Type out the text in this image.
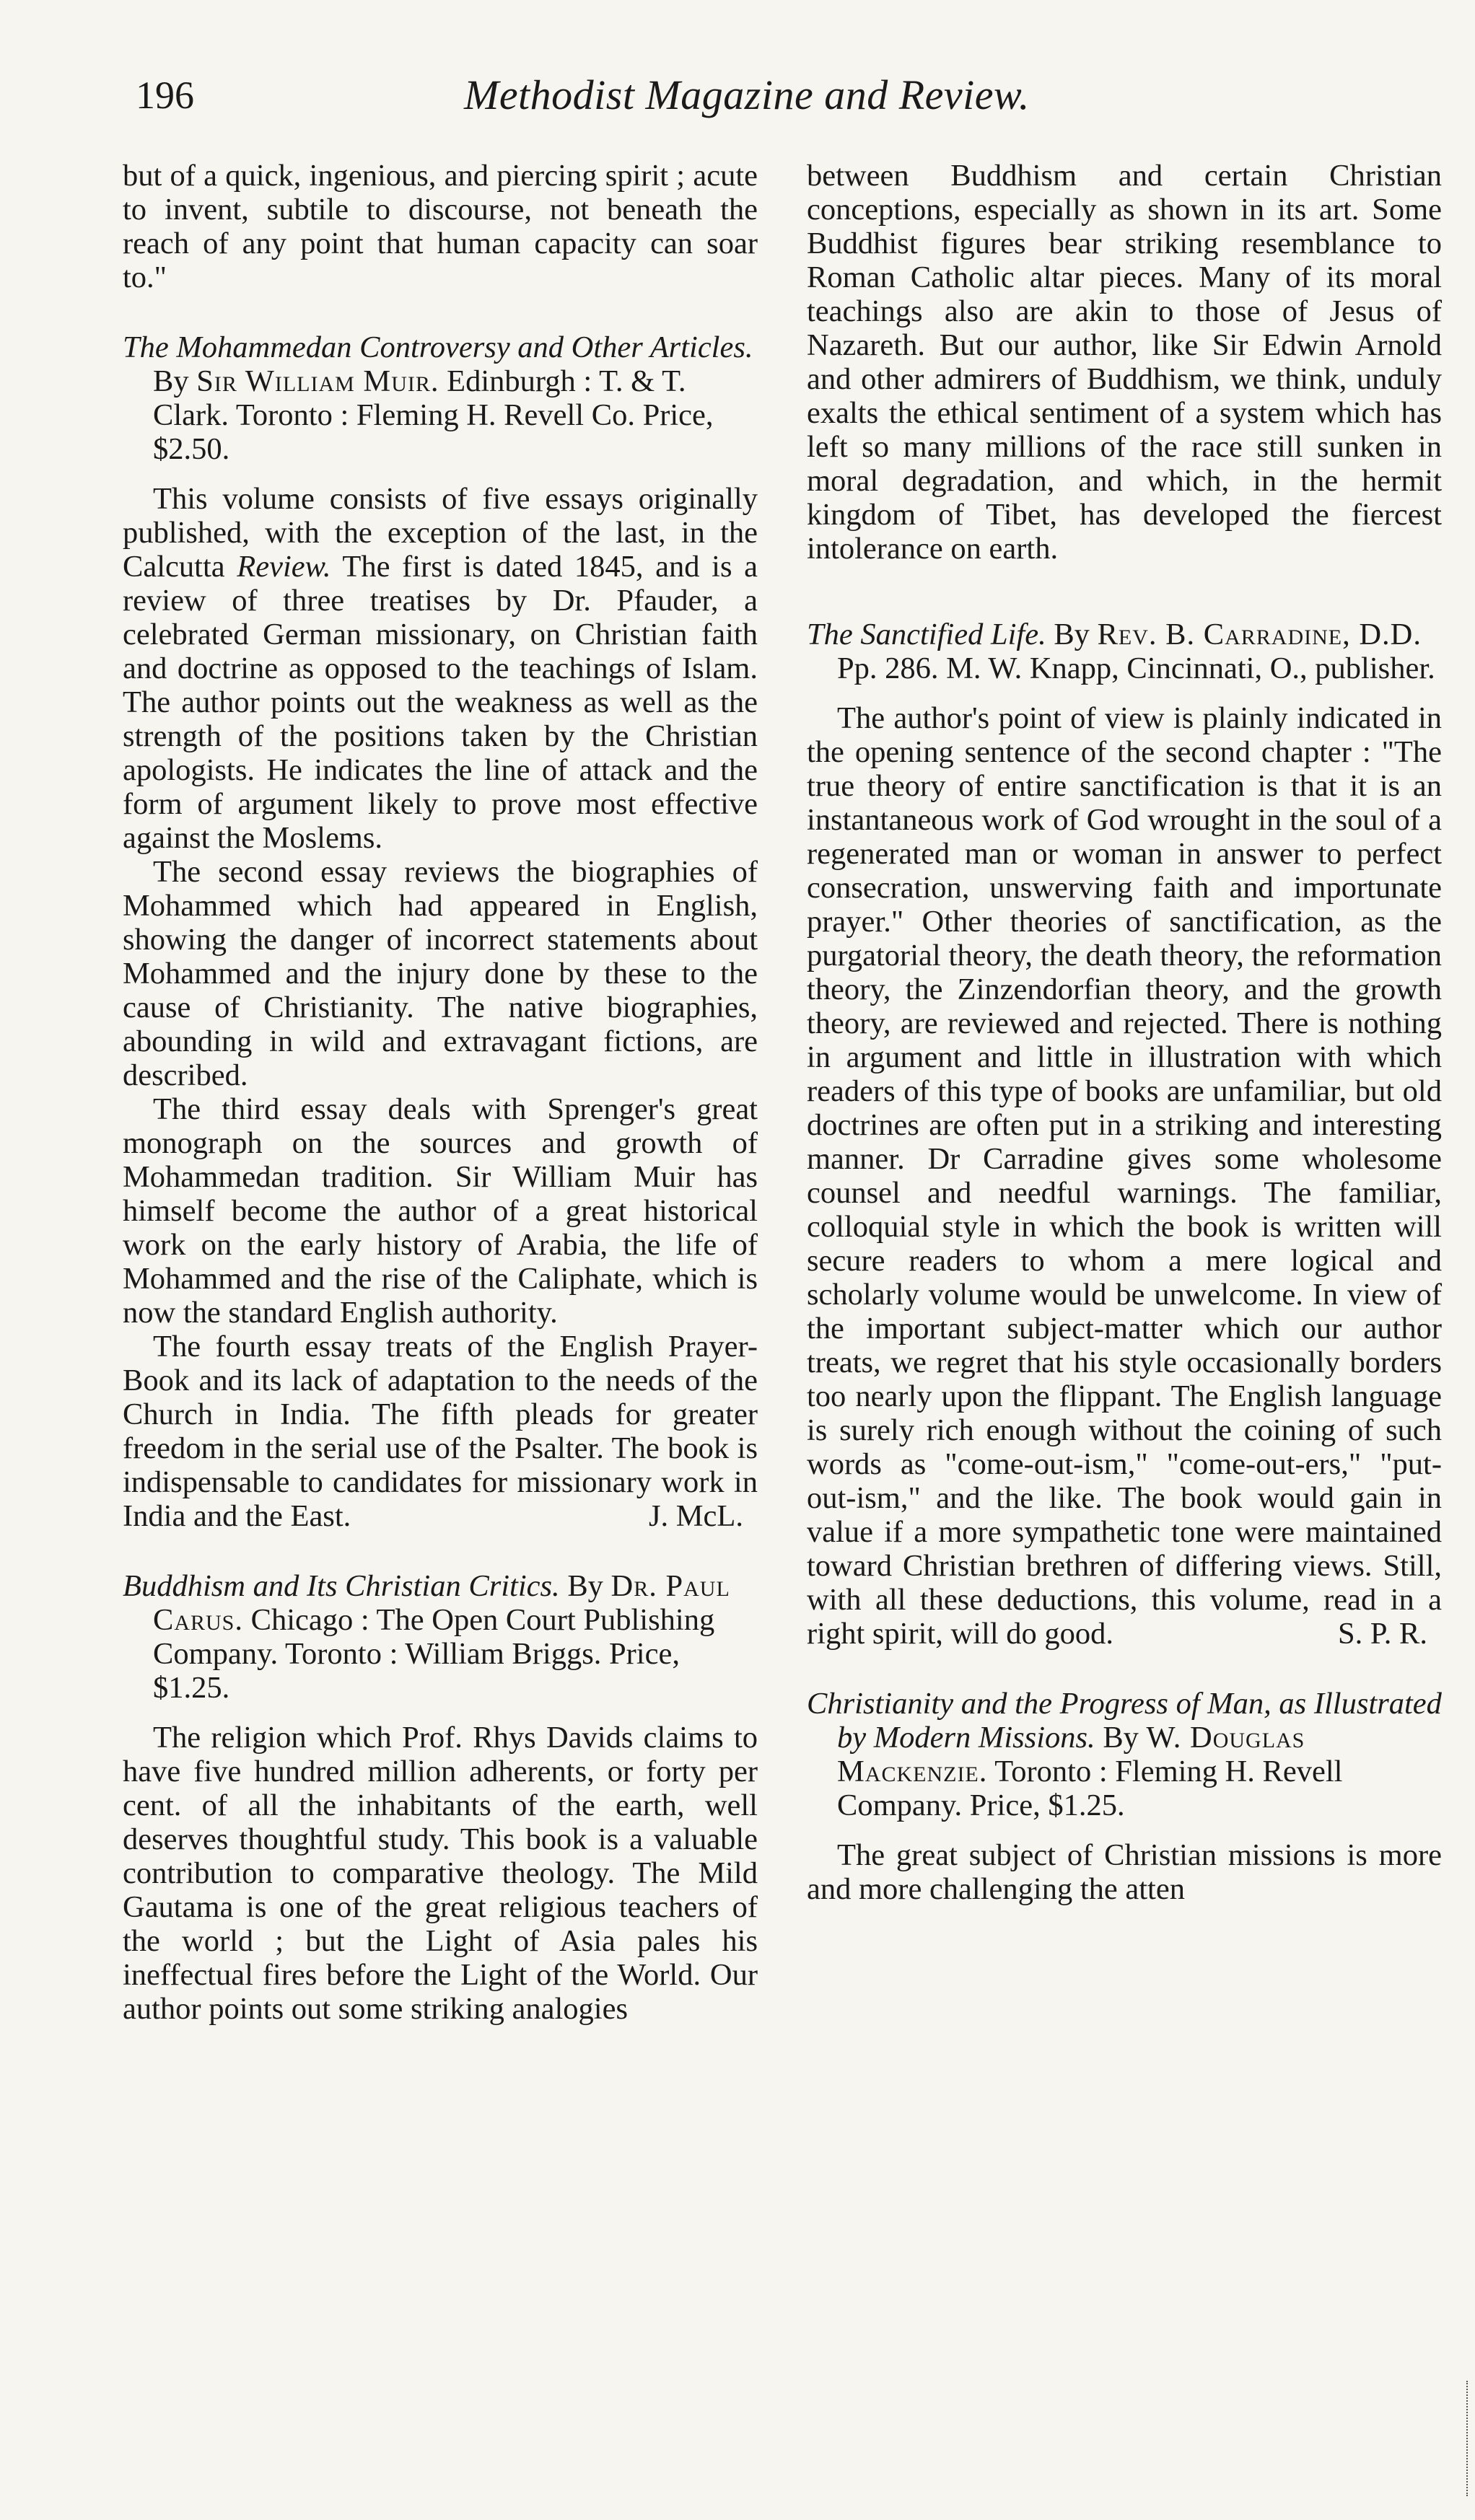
196	Methodist Magazine and Review.

but of a quick, ingenious, and piercing spirit ; acute to invent, subtile to discourse, not beneath the reach of any point that human capacity can soar to."

The Mohammedan Controversy and Other Articles. By Sir William Muir. Edinburgh : T. & T. Clark. Toronto : Fleming H. Revell Co. Price, $2.50.

This volume consists of five essays originally published, with the exception of the last, in the Calcutta Review. The first is dated 1845, and is a review of three treatises by Dr. Pfauder, a celebrated German missionary, on Christian faith and doctrine as opposed to the teachings of Islam. The author points out the weakness as well as the strength of the positions taken by the Christian apologists. He indicates the line of attack and the form of argument likely to prove most effective against the Moslems.

The second essay reviews the biographies of Mohammed which had appeared in English, showing the danger of incorrect statements about Mohammed and the injury done by these to the cause of Christianity. The native biographies, abounding in wild and extravagant fictions, are described.

The third essay deals with Sprenger's great monograph on the sources and growth of Mohammedan tradition. Sir William Muir has himself become the author of a great historical work on the early history of Arabia, the life of Mohammed and the rise of the Caliphate, which is now the standard English authority.

The fourth essay treats of the English Prayer-Book and its lack of adaptation to the needs of the Church in India. The fifth pleads for greater freedom in the serial use of the Psalter. The book is indispensable to candidates for missionary work in India and the East.	J. McL.

Buddhism and Its Christian Critics. By Dr. Paul Carus. Chicago : The Open Court Publishing Company. Toronto : William Briggs. Price, $1.25.

The religion which Prof. Rhys Davids claims to have five hundred million adherents, or forty per cent. of all the inhabitants of the earth, well deserves thoughtful study. This book is a valuable contribution to comparative theology. The Mild Gautama is one of the great religious teachers of the world ; but the Light of Asia pales his ineffectual fires before the Light of the World. Our author points out some striking analogies

between Buddhism and certain Christian conceptions, especially as shown in its art. Some Buddhist figures bear striking resemblance to Roman Catholic altar pieces. Many of its moral teachings also are akin to those of Jesus of Nazareth. But our author, like Sir Edwin Arnold and other admirers of Buddhism, we think, unduly exalts the ethical sentiment of a system which has left so many millions of the race still sunken in moral degradation, and which, in the hermit kingdom of Tibet, has developed the fiercest intolerance on earth.

The Sanctified Life. By Rev. B. Carradine, D.D. Pp. 286. M. W. Knapp, Cincinnati, O., publisher.

The author's point of view is plainly indicated in the opening sentence of the second chapter : "The true theory of entire sanctification is that it is an instantaneous work of God wrought in the soul of a regenerated man or woman in answer to perfect consecration, unswerving faith and importunate prayer." Other theories of sanctification, as the purgatorial theory, the death theory, the reformation theory, the Zinzendorfian theory, and the growth theory, are reviewed and rejected. There is nothing in argument and little in illustration with which readers of this type of books are unfamiliar, but old doctrines are often put in a striking and interesting manner. Dr Carradine gives some wholesome counsel and needful warnings. The familiar, colloquial style in which the book is written will secure readers to whom a mere logical and scholarly volume would be unwelcome. In view of the important subject-matter which our author treats, we regret that his style occasionally borders too nearly upon the flippant. The English language is surely rich enough without the coining of such words as "come-out-ism," "come-out-ers," "put-out-ism," and the like. The book would gain in value if a more sympathetic tone were maintained toward Christian brethren of differing views. Still, with all these deductions, this volume, read in a right spirit, will do good.	S. P. R.

Christianity and the Progress of Man, as Illustrated by Modern Missions. By W. Douglas Mackenzie. Toronto : Fleming H. Revell Company. Price, $1.25.

The great subject of Christian missions is more and more challenging the atten
